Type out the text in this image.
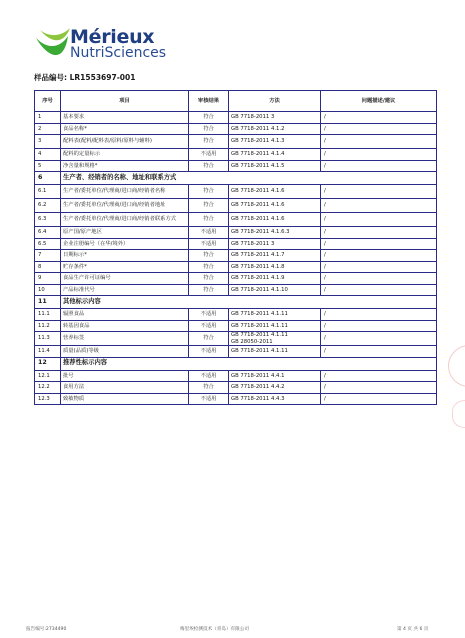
Mérieux
NutriSciences
样品编号: LR1553697-001
序号	项目	审核结果	方法	问题描述/建议
1	基本要求	符合	GB 7718-2011 3	/
2	食品名称*	符合	GB 7718-2011 4.1.2	/
3	配料表(配料/配料表/原料/原料与辅料)	符合	GB 7718-2011 4.1.3	/
4	配料的定量标示	不适用	GB 7718-2011 4.1.4	/
5	净含量和规格*	符合	GB 7718-2011 4.1.5	/
6	生产者、经销者的名称、地址和联系方式			
6.1	生产者/委托单位/代理商/进口商/经销者名称	符合	GB 7718-2011 4.1.6	/
6.2	生产者/委托单位/代理商/进口商/经销者地址	符合	GB 7718-2011 4.1.6	/
6.3	生产者/委托单位/代理商/进口商/经销者联系方式	符合	GB 7718-2011 4.1.6	/
6.4	原产国/原产地区	不适用	GB 7718-2011 4.1.6.3	/
6.5	企业注册编号（在华/境外）	不适用	GB 7718-2011 3	/
7	日期标示*	符合	GB 7718-2011 4.1.7	/
8	贮存条件*	符合	GB 7718-2011 4.1.8	/
9	食品生产许可证编号	符合	GB 7718-2011 4.1.9	/
10	产品标准代号	符合	GB 7718-2011 4.1.10	/
11	其他标示内容			
11.1	辐照食品	不适用	GB 7718-2011 4.1.11	/
11.2	转基因食品	不适用	GB 7718-2011 4.1.11	/
11.3	营养标签	符合	GB 7718-2011 4.1.11
GB 28050-2011	/
11.4	质量(品质)等级	不适用	GB 7718-2011 4.1.11	/
12	推荐性标示内容			
12.1	批号	不适用	GB 7718-2011 4.4.1	/
12.2	食用方法	符合	GB 7718-2011 4.4.2	/
12.3	致敏物质	不适用	GB 7718-2011 4.4.3	/
报告编号:2734490	梅里埃检测技术（青岛）有限公司	第 4 页 共 6 页
